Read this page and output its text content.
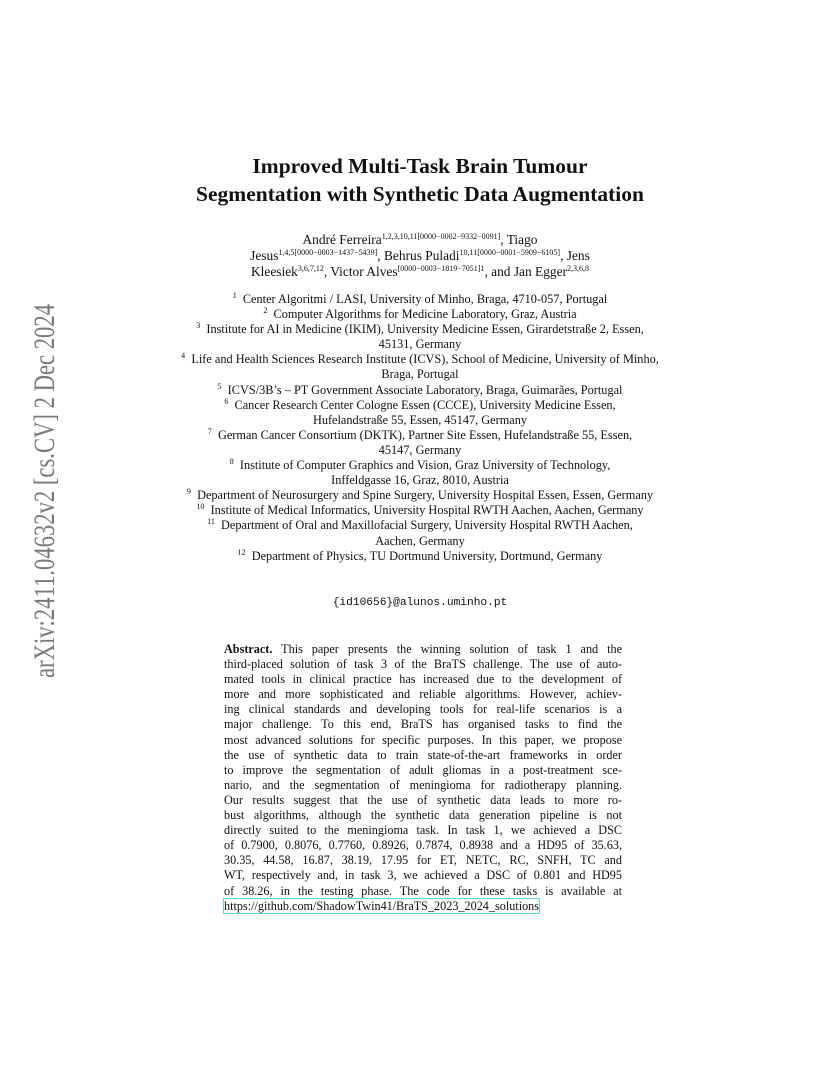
arXiv:2411.04632v2 [cs.CV] 2 Dec 2024
Improved Multi-Task Brain Tumour
Segmentation with Synthetic Data Augmentation
André Ferreira$^{1,2,3,10,11[0000-0002-9332-0091]}$, Tiago
Jesus$^{1,4,5[0000-0003-1437-5439]}$, Behrus Puladi$^{10,11[0000-0001-5909-6105]}$, Jens
Kleesiek$^{3,6,7,12}$, Victor Alves$^{[0000-0003-1819-7051]1}$, and Jan Egger$^{2,3,6,8}$
$^1$ Center Algoritmi / LASI, University of Minho, Braga, 4710-057, Portugal
$^2$ Computer Algorithms for Medicine Laboratory, Graz, Austria
$^3$ Institute for AI in Medicine (IKIM), University Medicine Essen, Girardetstraße 2, Essen, 45131, Germany
$^4$ Life and Health Sciences Research Institute (ICVS), School of Medicine, University of Minho, Braga, Portugal
$^5$ ICVS/3B’s – PT Government Associate Laboratory, Braga, Guimarães, Portugal
$^6$ Cancer Research Center Cologne Essen (CCCE), University Medicine Essen, Hufelandstraße 55, Essen, 45147, Germany
$^7$ German Cancer Consortium (DKTK), Partner Site Essen, Hufelandstraße 55, Essen, 45147, Germany
$^8$ Institute of Computer Graphics and Vision, Graz University of Technology, Inffeldgasse 16, Graz, 8010, Austria
$^9$ Department of Neurosurgery and Spine Surgery, University Hospital Essen, Essen, Germany
$^{10}$ Institute of Medical Informatics, University Hospital RWTH Aachen, Aachen, Germany
$^{11}$ Department of Oral and Maxillofacial Surgery, University Hospital RWTH Aachen, Aachen, Germany
$^{12}$ Department of Physics, TU Dortmund University, Dortmund, Germany
{id10656}@alunos.uminho.pt
Abstract. This paper presents the winning solution of task 1 and the
third-placed solution of task 3 of the BraTS challenge. The use of auto-
mated tools in clinical practice has increased due to the development of
more and more sophisticated and reliable algorithms. However, achiev-
ing clinical standards and developing tools for real-life scenarios is a
major challenge. To this end, BraTS has organised tasks to find the
most advanced solutions for specific purposes. In this paper, we propose
the use of synthetic data to train state-of-the-art frameworks in order
to improve the segmentation of adult gliomas in a post-treatment sce-
nario, and the segmentation of meningioma for radiotherapy planning.
Our results suggest that the use of synthetic data leads to more ro-
bust algorithms, although the synthetic data generation pipeline is not
directly suited to the meningioma task. In task 1, we achieved a DSC
of 0.7900, 0.8076, 0.7760, 0.8926, 0.7874, 0.8938 and a HD95 of 35.63,
30.35, 44.58, 16.87, 38.19, 17.95 for ET, NETC, RC, SNFH, TC and
WT, respectively and, in task 3, we achieved a DSC of 0.801 and HD95
of 38.26, in the testing phase. The code for these tasks is available at
https://github.com/ShadowTwin41/BraTS_2023_2024_solutions
